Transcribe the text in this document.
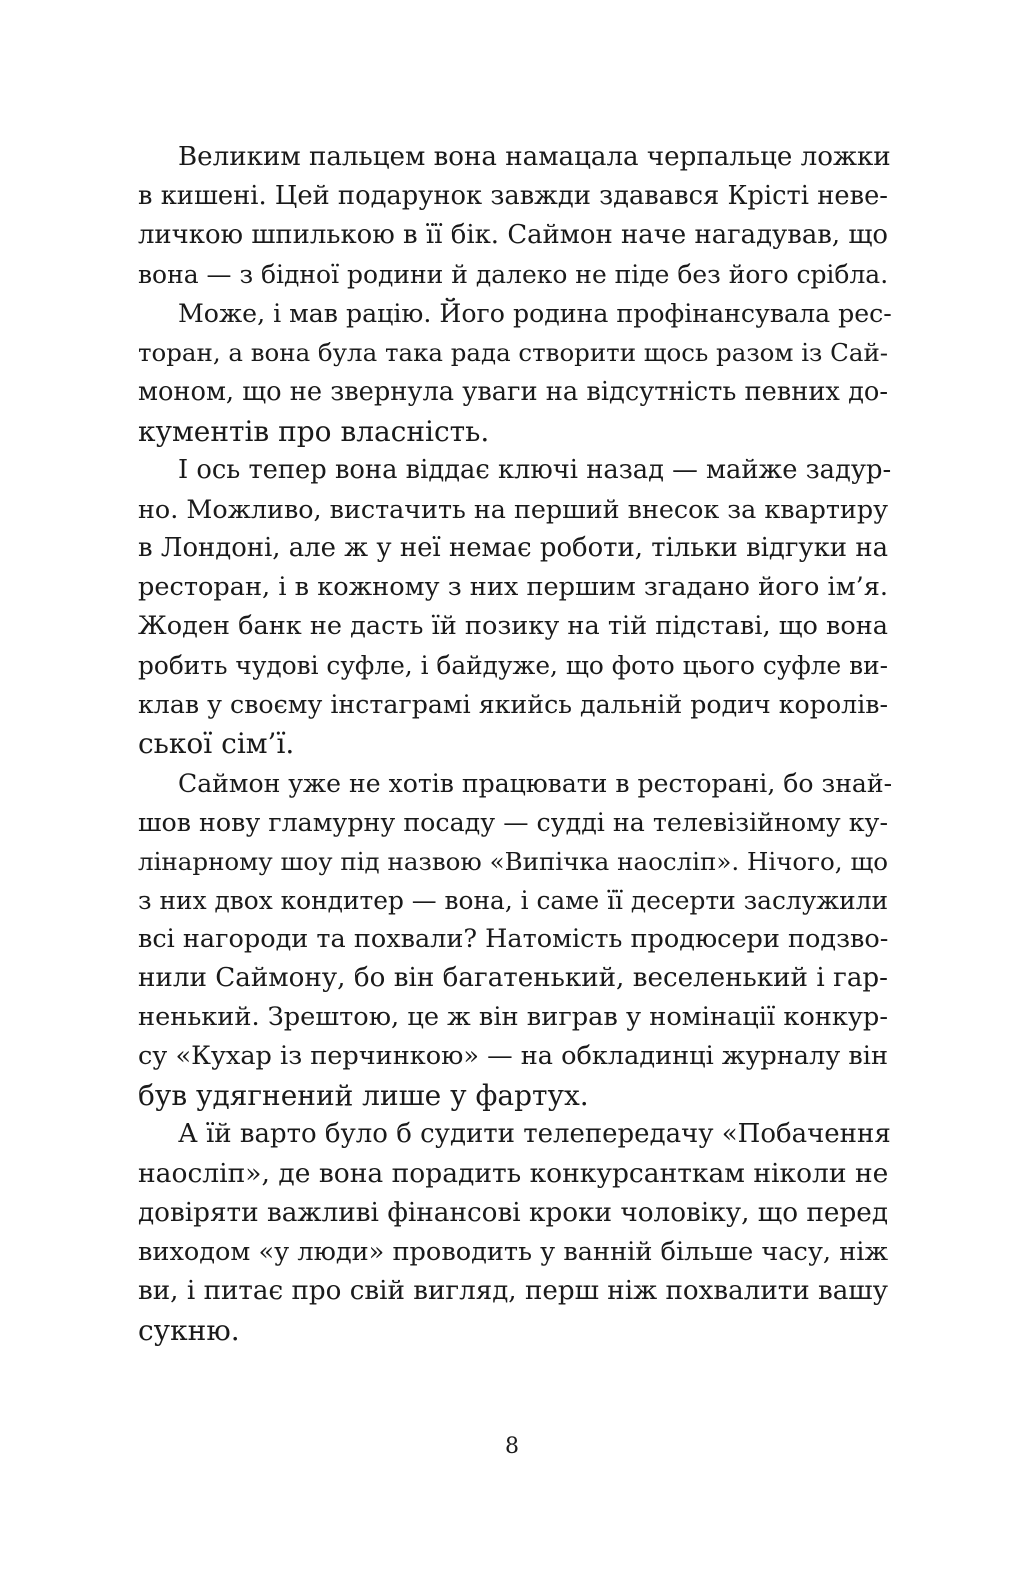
Великим пальцем вона намацала черпальце ложки
в кишені. Цей подарунок завжди здавався Крісті неве-
личкою шпилькою в її бік. Саймон наче нагадував, що
вона — з бідної родини й далеко не піде без його срібла.

Може, і мав рацію. Його родина профінансувала рес-
торан, а вона була така рада створити щось разом із Сай-
моном, що не звернула уваги на відсутність певних до-
кументів про власність.

І ось тепер вона віддає ключі назад — майже задур-
но. Можливо, вистачить на перший внесок за квартиру
в Лондоні, але ж у неї немає роботи, тільки відгуки на
ресторан, і в кожному з них першим згадано його ім’я.
Жоден банк не дасть їй позику на тій підставі, що вона
робить чудові суфле, і байдуже, що фото цього суфле ви-
клав у своєму інстаграмі якийсь дальній родич королів-
ської сім’ї.

Саймон уже не хотів працювати в ресторані, бо знай-
шов нову гламурну посаду — судді на телевізійному ку-
лінарному шоу під назвою «Випічка наосліп». Нічого, що
з них двох кондитер — вона, і саме її десерти заслужили
всі нагороди та похвали? Натомість продюсери подзво-
нили Саймону, бо він багатенький, веселенький і гар-
ненький. Зрештою, це ж він виграв у номінації конкур-
су «Кухар із перчинкою» — на обкладинці журналу він
був удягнений лише у фартух.

А їй варто було б судити телепередачу «Побачення
наосліп», де вона порадить конкурсанткам ніколи не
довіряти важливі фінансові кроки чоловіку, що перед
виходом «у люди» проводить у ванній більше часу, ніж
ви, і питає про свій вигляд, перш ніж похвалити вашу
сукню.

8
